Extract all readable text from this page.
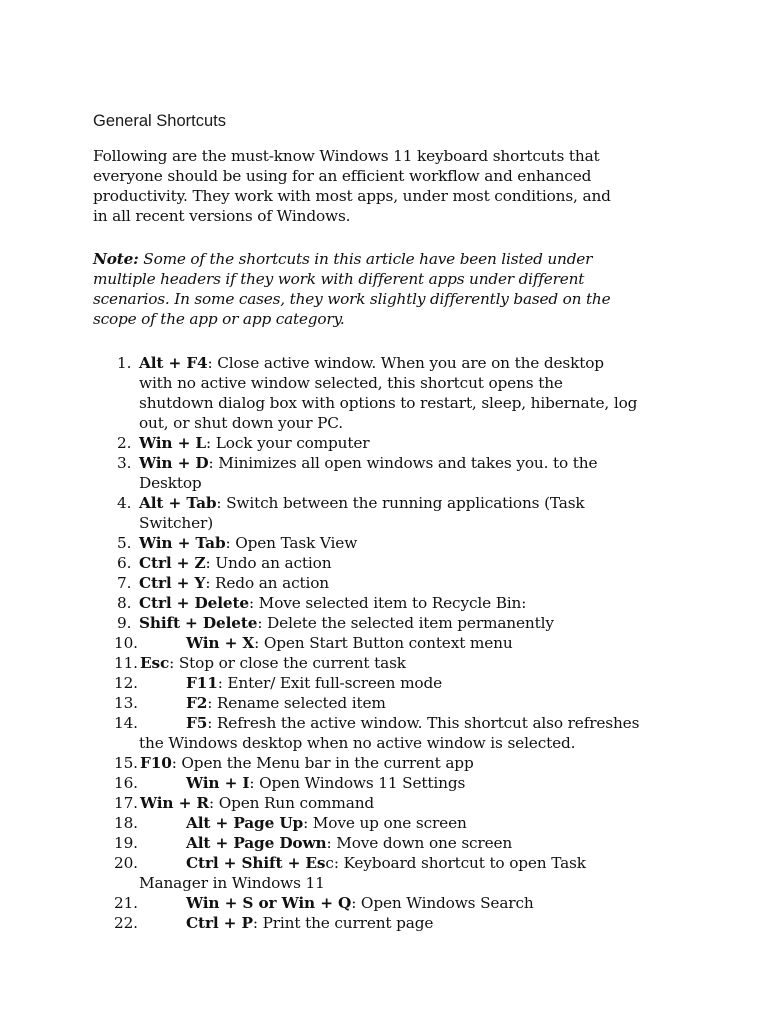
General Shortcuts

Following are the must-know Windows 11 keyboard shortcuts that
everyone should be using for an efficient workflow and enhanced
productivity. They work with most apps, under most conditions, and
in all recent versions of Windows.

Note: Some of the shortcuts in this article have been listed under
multiple headers if they work with different apps under different
scenarios. In some cases, they work slightly differently based on the
scope of the app or app category.

1. Alt + F4: Close active window. When you are on the desktop
with no active window selected, this shortcut opens the
shutdown dialog box with options to restart, sleep, hibernate, log
out, or shut down your PC.
2. Win + L: Lock your computer
3. Win + D: Minimizes all open windows and takes you. to the
Desktop
4. Alt + Tab: Switch between the running applications (Task
Switcher)
5. Win + Tab: Open Task View
6. Ctrl + Z: Undo an action
7. Ctrl + Y: Redo an action
8. Ctrl + Delete: Move selected item to Recycle Bin:
9. Shift + Delete: Delete the selected item permanently
10.	Win + X: Open Start Button context menu
11. Esc: Stop or close the current task
12.	F11: Enter/ Exit full-screen mode
13.	F2: Rename selected item
14.	F5: Refresh the active window. This shortcut also refreshes
the Windows desktop when no active window is selected.
15. F10: Open the Menu bar in the current app
16.	Win + I: Open Windows 11 Settings
17. Win + R: Open Run command
18.	Alt + Page Up: Move up one screen
19.	Alt + Page Down: Move down one screen
20.	Ctrl + Shift + Esc: Keyboard shortcut to open Task
Manager in Windows 11
21.	Win + S or Win + Q: Open Windows Search
22.	Ctrl + P: Print the current page
